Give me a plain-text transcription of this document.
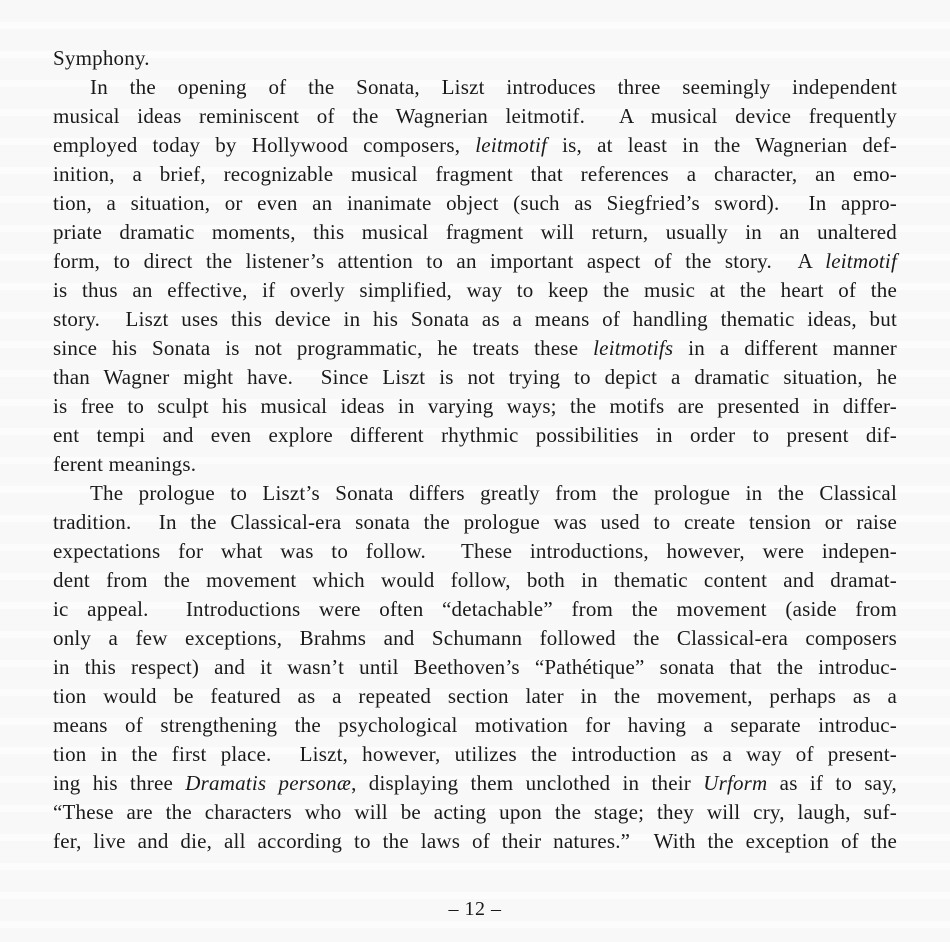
Symphony.
In the opening of the Sonata, Liszt introduces three seemingly independent
musical ideas reminiscent of the Wagnerian leitmotif.  A musical device frequently
employed today by Hollywood composers, leitmotif is, at least in the Wagnerian def-
inition, a brief, recognizable musical fragment that references a character, an emo-
tion, a situation, or even an inanimate object (such as Siegfried’s sword).  In appro-
priate dramatic moments, this musical fragment will return, usually in an unaltered
form, to direct the listener’s attention to an important aspect of the story.  A leitmotif
is thus an effective, if overly simplified, way to keep the music at the heart of the
story.  Liszt uses this device in his Sonata as a means of handling thematic ideas, but
since his Sonata is not programmatic, he treats these leitmotifs in a different manner
than Wagner might have.  Since Liszt is not trying to depict a dramatic situation, he
is free to sculpt his musical ideas in varying ways; the motifs are presented in differ-
ent tempi and even explore different rhythmic possibilities in order to present dif-
ferent meanings.
The prologue to Liszt’s Sonata differs greatly from the prologue in the Classical
tradition.  In the Classical-era sonata the prologue was used to create tension or raise
expectations for what was to follow.  These introductions, however, were indepen-
dent from the movement which would follow, both in thematic content and dramat-
ic appeal.  Introductions were often “detachable” from the movement (aside from
only a few exceptions, Brahms and Schumann followed the Classical-era composers
in this respect) and it wasn’t until Beethoven’s “Pathétique” sonata that the introduc-
tion would be featured as a repeated section later in the movement, perhaps as a
means of strengthening the psychological motivation for having a separate introduc-
tion in the first place.  Liszt, however, utilizes the introduction as a way of present-
ing his three Dramatis personæ, displaying them unclothed in their Urform as if to say,
“These are the characters who will be acting upon the stage; they will cry, laugh, suf-
fer, live and die, all according to the laws of their natures.”  With the exception of the
– 12 –
